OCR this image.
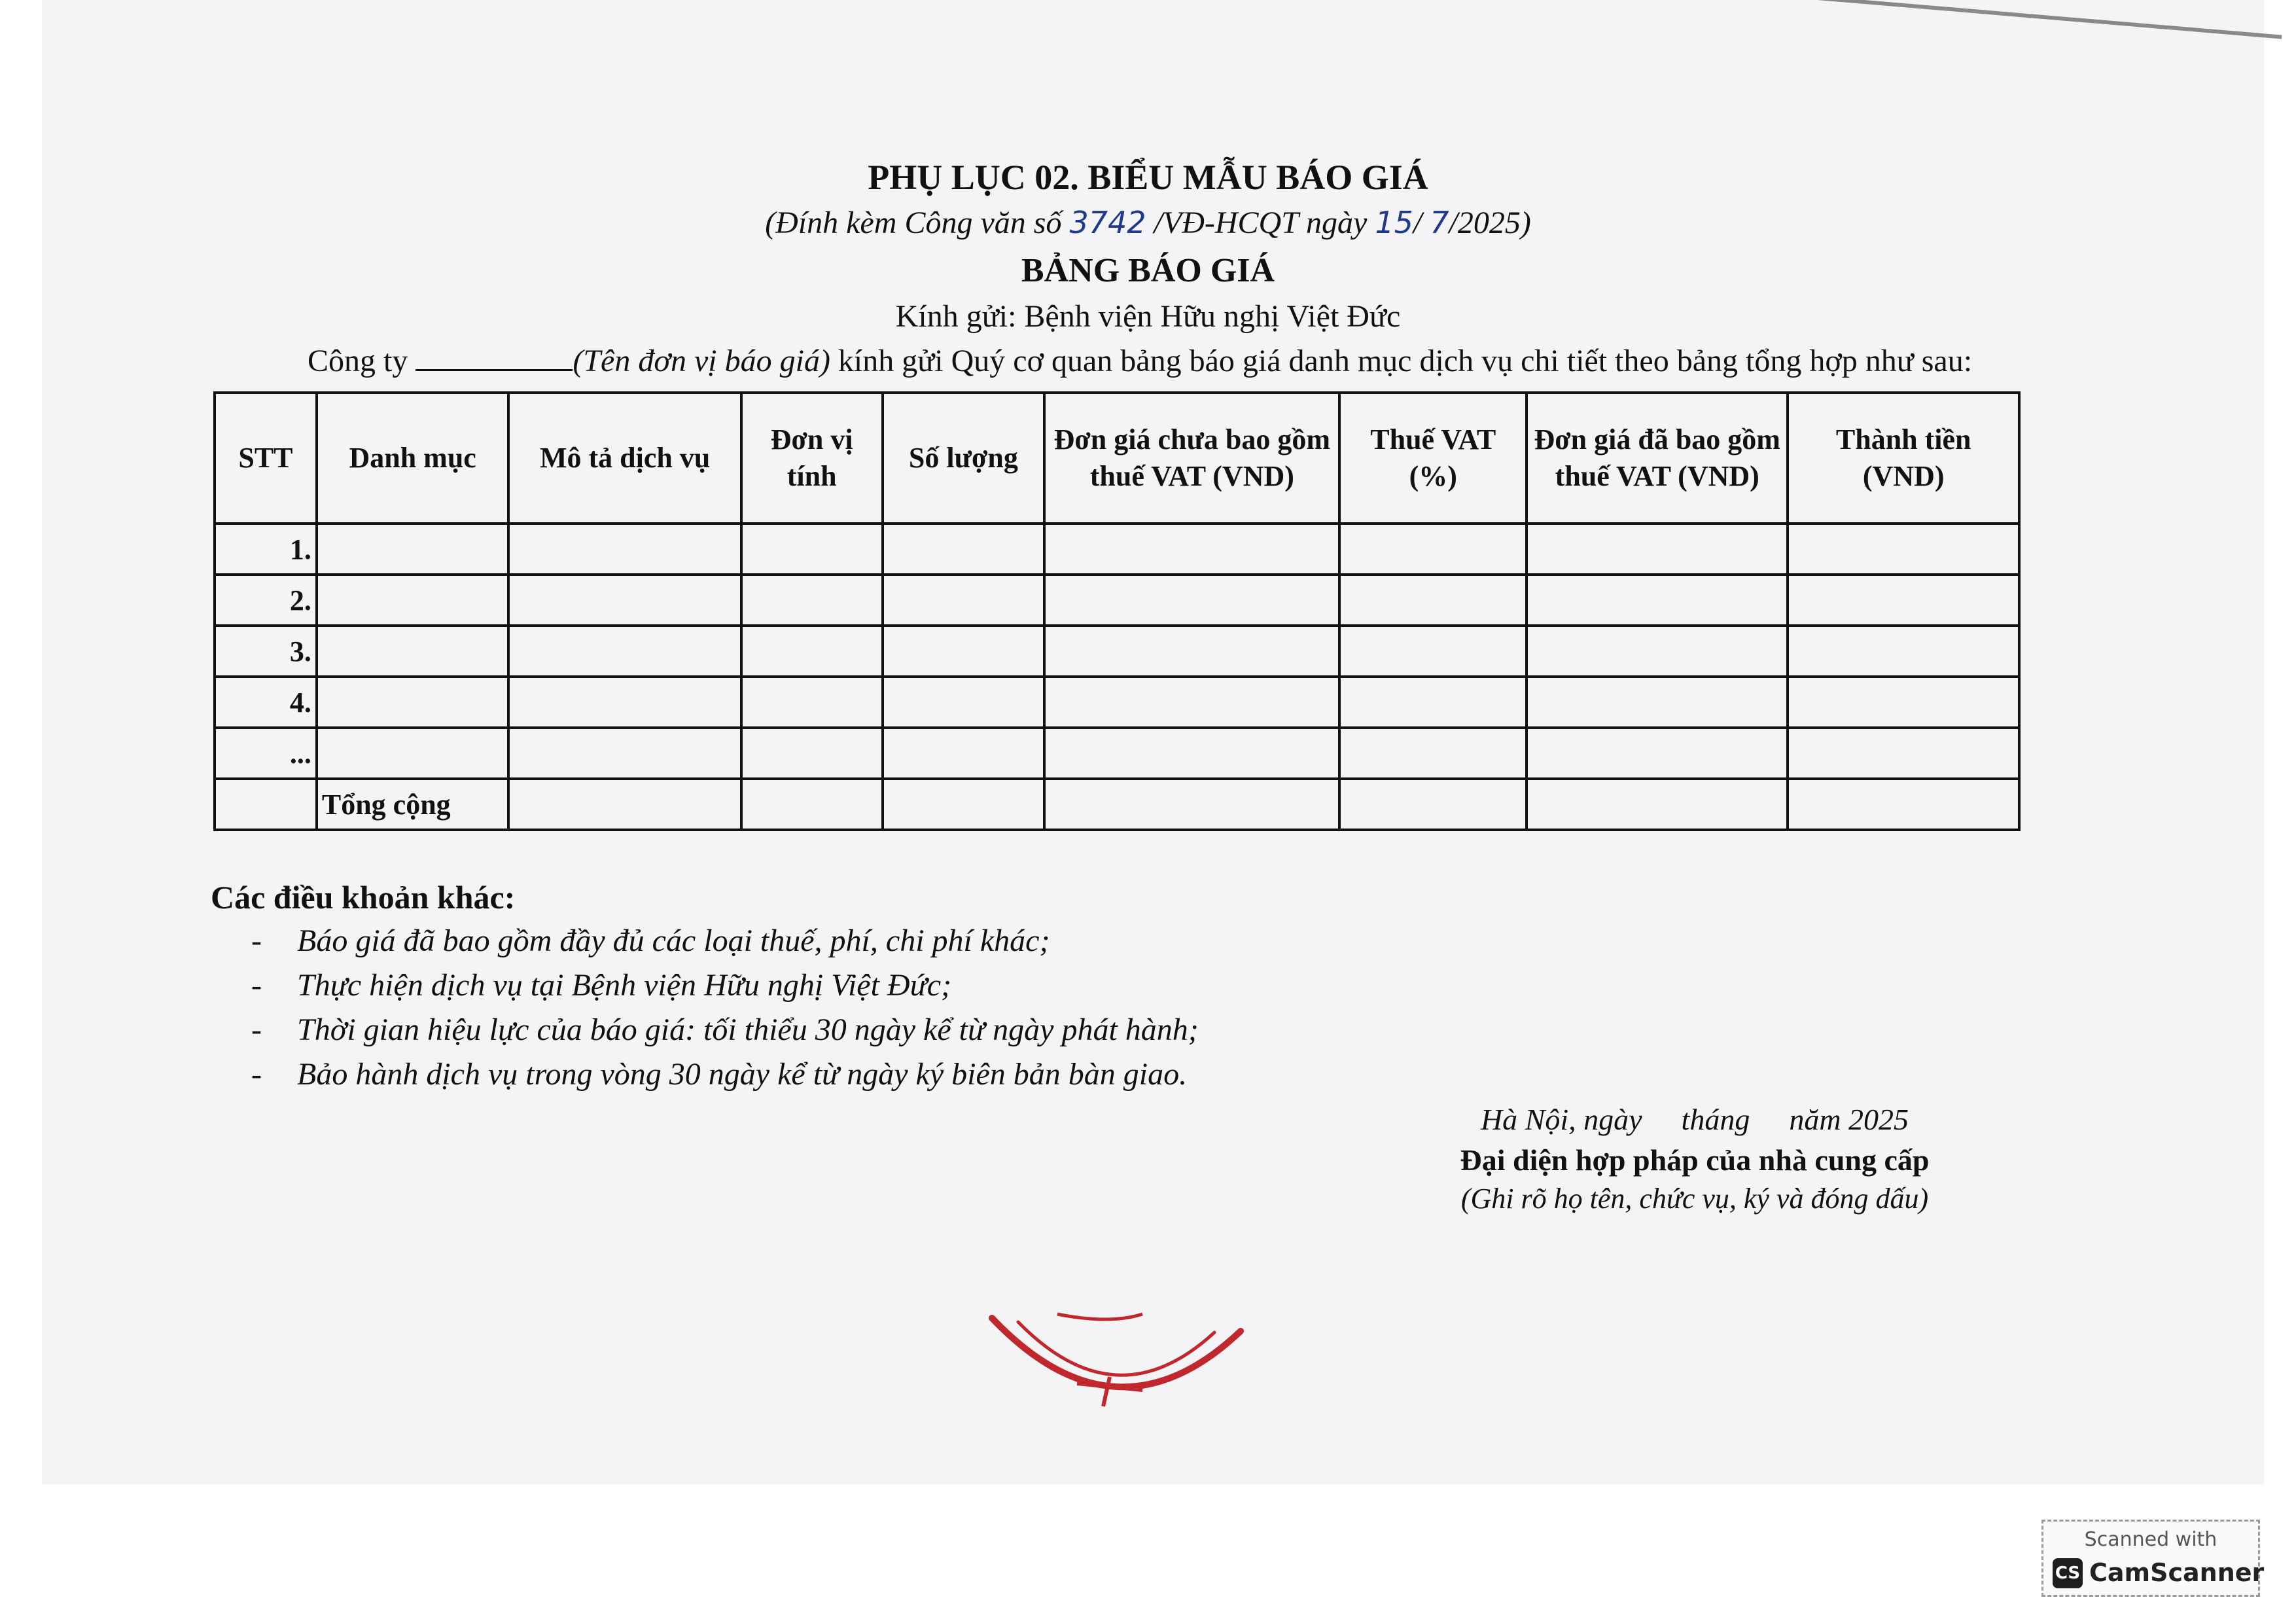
PHỤ LỤC 02. BIỂU MẪU BÁO GIÁ
(Đính kèm Công văn số 3742 /VĐ-HCQT ngày 15/ 7/2025)
BẢNG BÁO GIÁ
Kính gửi: Bệnh viện Hữu nghị Việt Đức
Công ty	(Tên đơn vị báo giá) kính gửi Quý cơ quan bảng báo giá danh mục dịch vụ chi tiết theo bảng tổng hợp như sau:
STT	Danh mục	Mô tả dịch vụ	Đơn vị tính	Số lượng	Đơn giá chưa bao gồm thuế VAT (VND)	Thuế VAT (%)	Đơn giá đã bao gồm thuế VAT (VND)	Thành tiền (VND)
1.								
2.								
3.								
4.								
...								
	Tổng cộng							
Các điều khoản khác:
- Báo giá đã bao gồm đầy đủ các loại thuế, phí, chi phí khác;
- Thực hiện dịch vụ tại Bệnh viện Hữu nghị Việt Đức;
- Thời gian hiệu lực của báo giá: tối thiểu 30 ngày kể từ ngày phát hành;
- Bảo hành dịch vụ trong vòng 30 ngày kể từ ngày ký biên bản bàn giao.
Hà Nội, ngày tháng năm 2025
Đại diện hợp pháp của nhà cung cấp
(Ghi rõ họ tên, chức vụ, ký và đóng dấu)
Scanned with
CS CamScanner
